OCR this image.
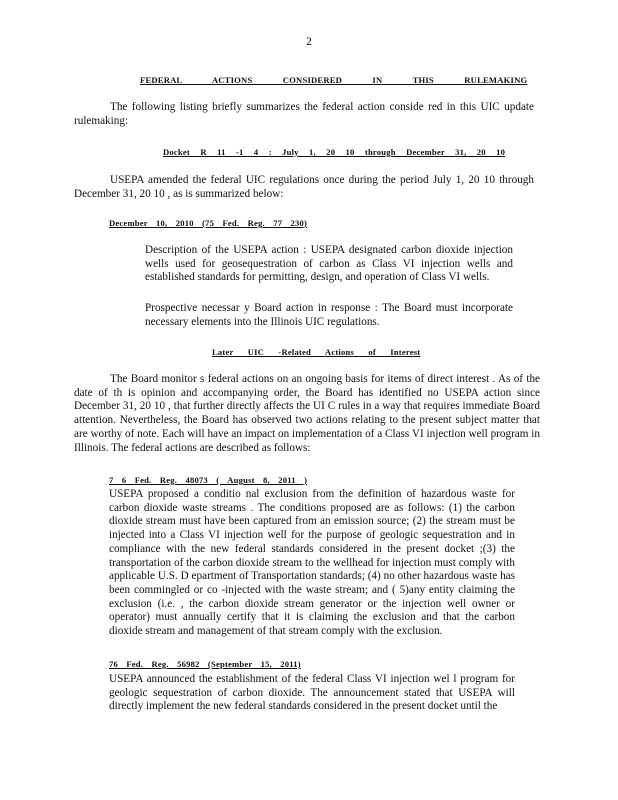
2
FEDERAL ACTIONS CONSIDERED IN THIS RULEMAKING

The following listing briefly summarizes the federal action conside red in this UIC update rulemaking:

Docket R 11 -1 4 : July 1, 20 10 through December 31, 20 10

USEPA amended the federal UIC regulations once during the period July 1, 20 10 through December 31, 20 10 , as is summarized below:

December 10, 2010 (75 Fed. Reg. 77 230)

Description of the USEPA action : USEPA designated carbon dioxide injection wells used for geosequestration of carbon as Class VI injection wells and established standards for permitting, design, and operation of Class VI wells.

Prospective necessar y Board action in response : The Board must incorporate necessary elements into the Illinois UIC regulations.

Later UIC -Related Actions of Interest

The Board monitor s federal actions on an ongoing basis for items of direct interest . As of the date of th is opinion and accompanying order, the Board has identified no USEPA action since December 31, 20 10 , that further directly affects the UI C rules in a way that requires immediate Board attention. Nevertheless, the Board has observed two actions relating to the present subject matter that are worthy of note. Each will have an impact on implementation of a Class VI injection well program in Illinois. The federal actions are described as follows:

7 6 Fed. Reg. 48073 ( August 8, 2011 )

USEPA proposed a conditio nal exclusion from the definition of hazardous waste for carbon dioxide waste streams . The conditions proposed are as follows: (1) the carbon dioxide stream must have been captured from an emission source; (2) the stream must be injected into a Class VI injection well for the purpose of geologic sequestration and in compliance with the new federal standards considered in the present docket ;(3) the transportation of the carbon dioxide stream to the wellhead for injection must comply with applicable U.S. D epartment of Transportation standards; (4) no other hazardous waste has been commingled or co -injected with the waste stream; and ( 5)any entity claiming the exclusion (i.e. , the carbon dioxide stream generator or the injection well owner or operator) must annually certify that it is claiming the exclusion and that the carbon dioxide stream and management of that stream comply with the exclusion.

76 Fed. Reg. 56982 (September 15, 2011)

USEPA announced the establishment of the federal Class VI injection wel l program for geologic sequestration of carbon dioxide. The announcement stated that USEPA will directly implement the new federal standards considered in the present docket until the
